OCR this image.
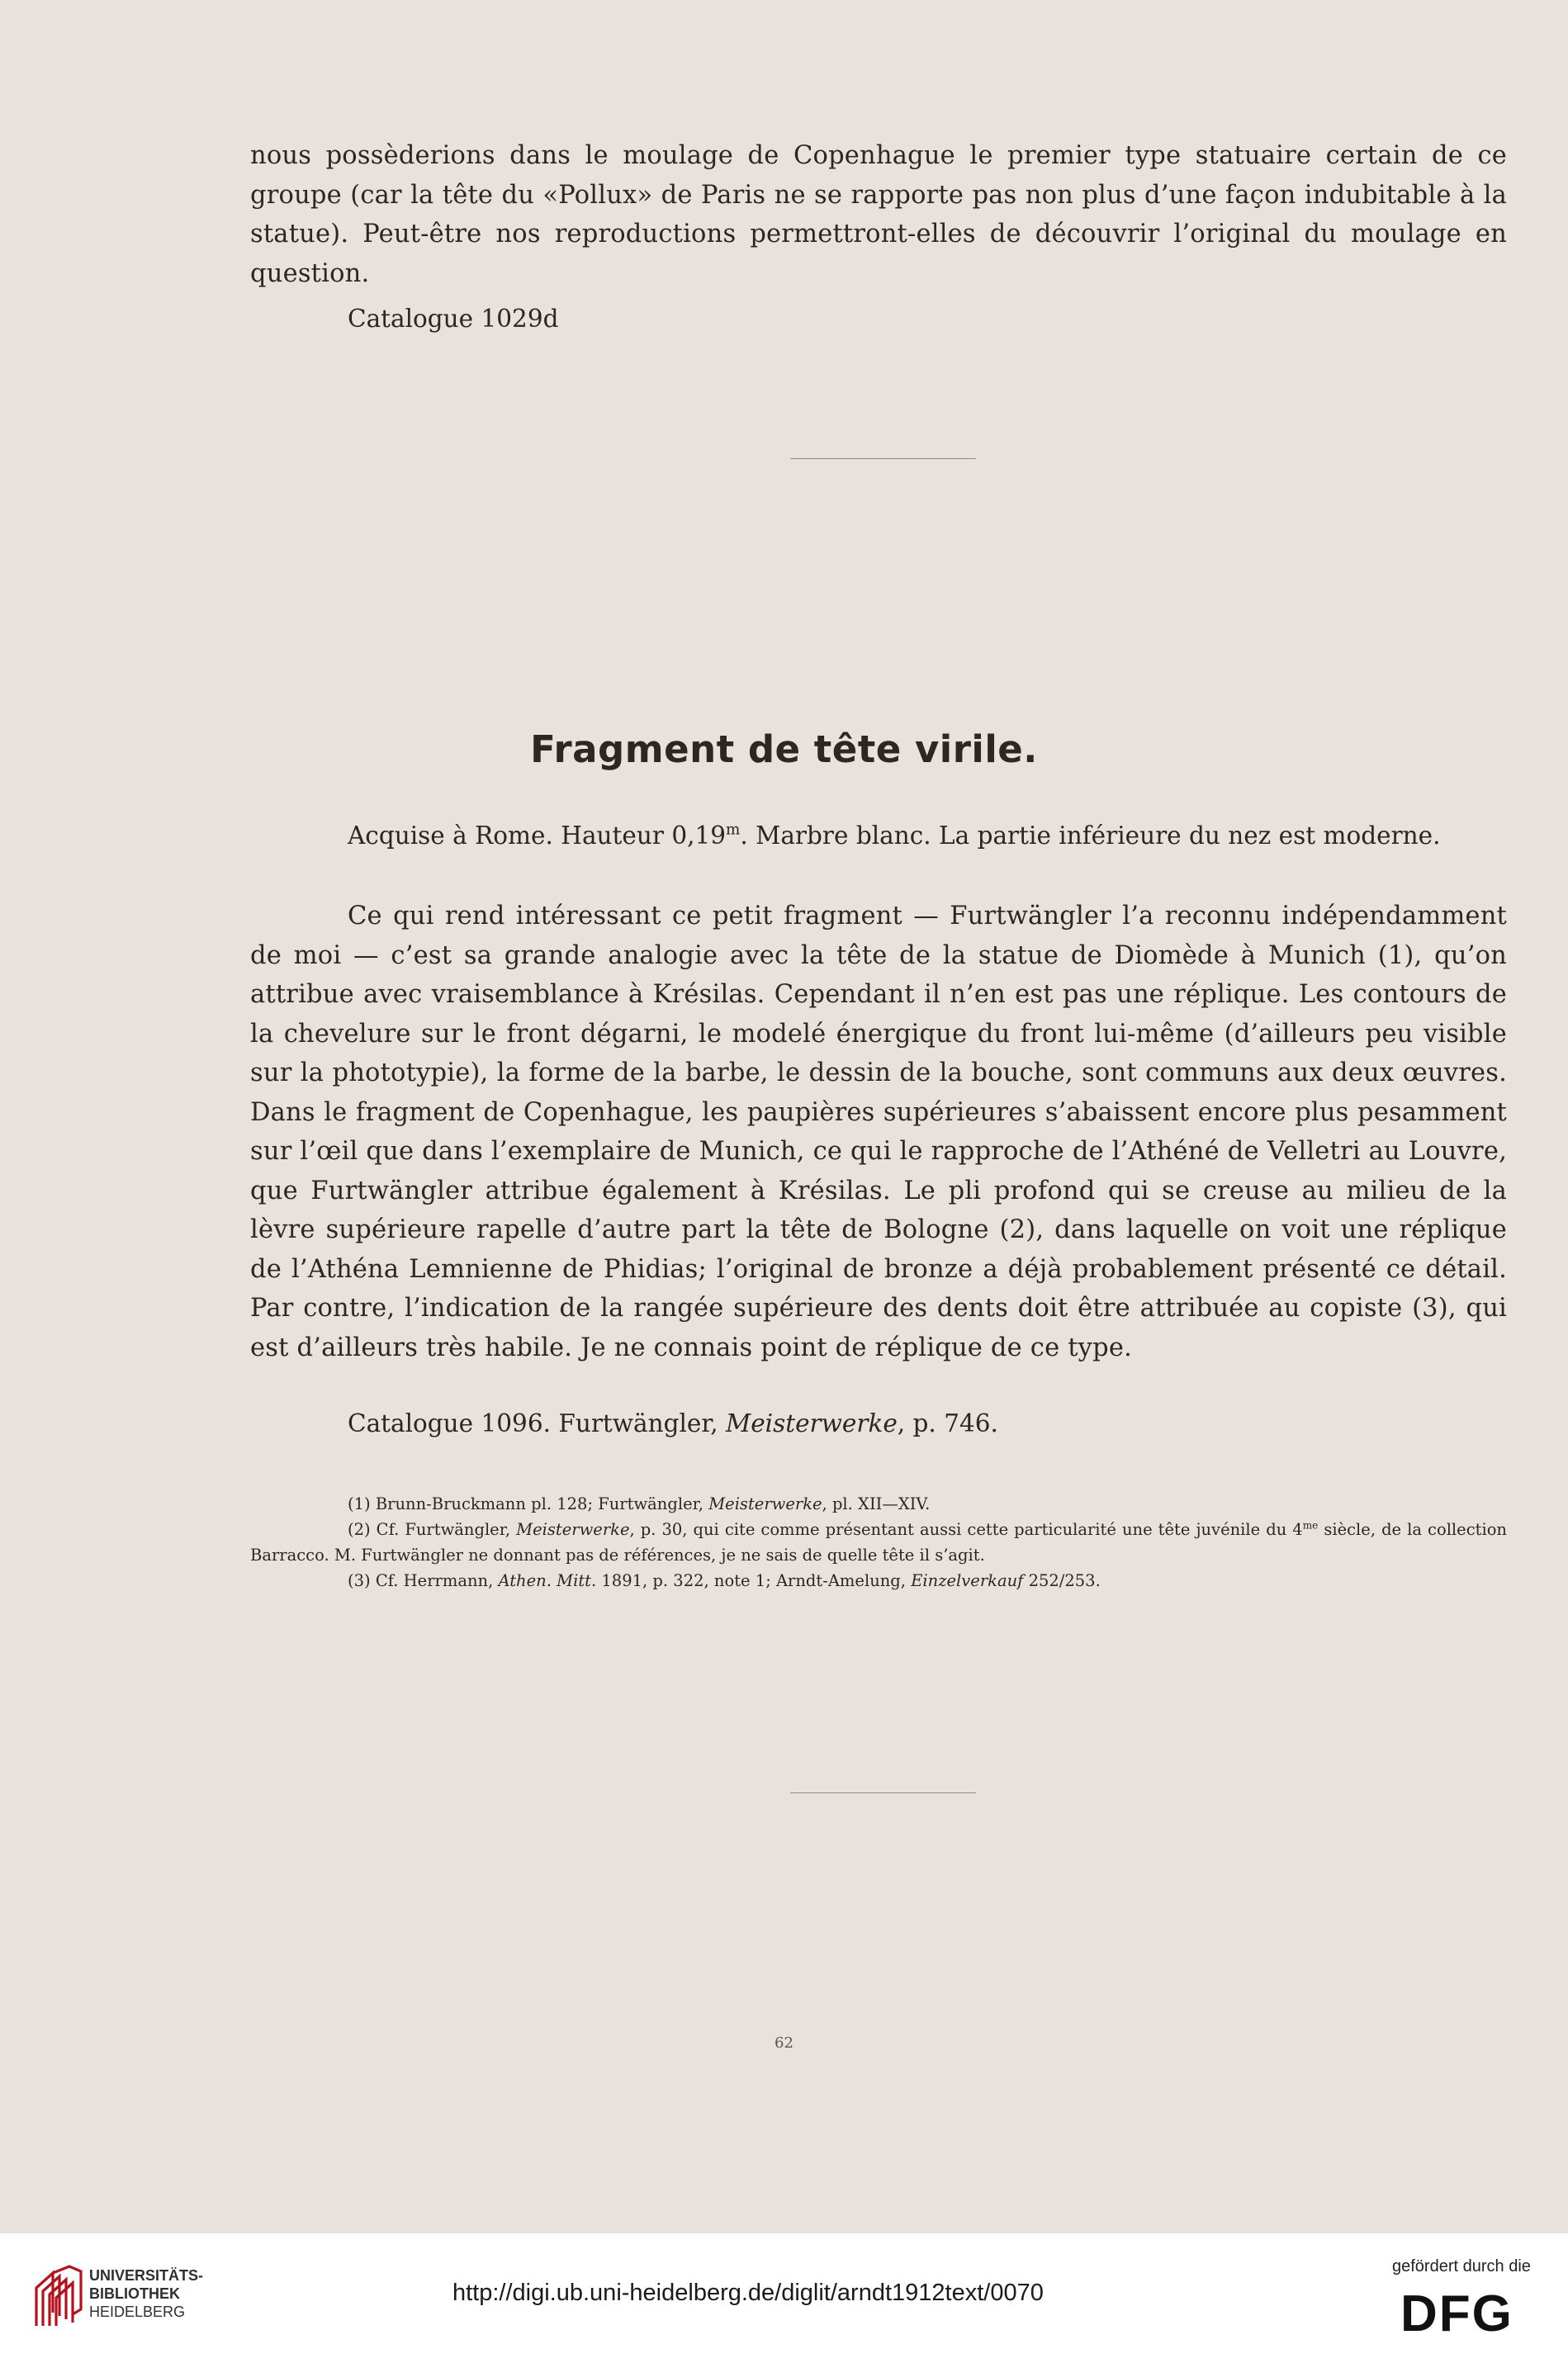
nous possèderions dans le moulage de Copenhague le premier type statuaire certain de ce groupe (car la tête du «Pollux» de Paris ne se rapporte pas non plus d’une façon indubitable à la statue). Peut-être nos reproductions permettront-elles de découvrir l’original du moulage en question.

Catalogue 1029d
Fragment de tête virile.
Acquise à Rome. Hauteur 0,19$^m$. Marbre blanc. La partie inférieure du nez est moderne.

Ce qui rend intéressant ce petit fragment — Furtwängler l’a reconnu indépendamment de moi — c’est sa grande analogie avec la tête de la statue de Diomède à Munich (1), qu’on attribue avec vraisemblance à Krésilas. Cependant il n’en est pas une réplique. Les contours de la chevelure sur le front dégarni, le modelé énergique du front lui-même (d’ailleurs peu visible sur la phototypie), la forme de la barbe, le dessin de la bouche, sont communs aux deux œuvres. Dans le fragment de Copenhague, les paupières supérieures s’abaissent encore plus pesamment sur l’œil que dans l’exemplaire de Munich, ce qui le rapproche de l’Athéné de Velletri au Louvre, que Furtwängler attribue également à Krésilas. Le pli profond qui se creuse au milieu de la lèvre supérieure rapelle d’autre part la tête de Bologne (2), dans laquelle on voit une réplique de l’Athéna Lemnienne de Phidias; l’original de bronze a déjà probablement présenté ce détail. Par contre, l’indication de la rangée supérieure des dents doit être attribuée au copiste (3), qui est d’ailleurs très habile. Je ne connais point de réplique de ce type.

Catalogue 1096. Furtwängler, Meisterwerke, p. 746.
(1) Brunn-Bruckmann pl. 128; Furtwängler, Meisterwerke, pl. XII—XIV.
(2) Cf. Furtwängler, Meisterwerke, p. 30, qui cite comme présentant aussi cette particularité une tête juvénile du $4^{me}$ siècle, de la collection Barracco. M. Furtwängler ne donnant pas de références, je ne sais de quelle tête il s’agit.
(3) Cf. Herrmann, Athen. Mitt. 1891, p. 322, note 1; Arndt-Amelung, Einzelverkauf 252/253.
62
UNIVERSITÄTS-
BIBLIOTHEK
HEIDELBERG
http://digi.ub.uni-heidelberg.de/diglit/arndt1912text/0070
gefördert durch die
DFG
